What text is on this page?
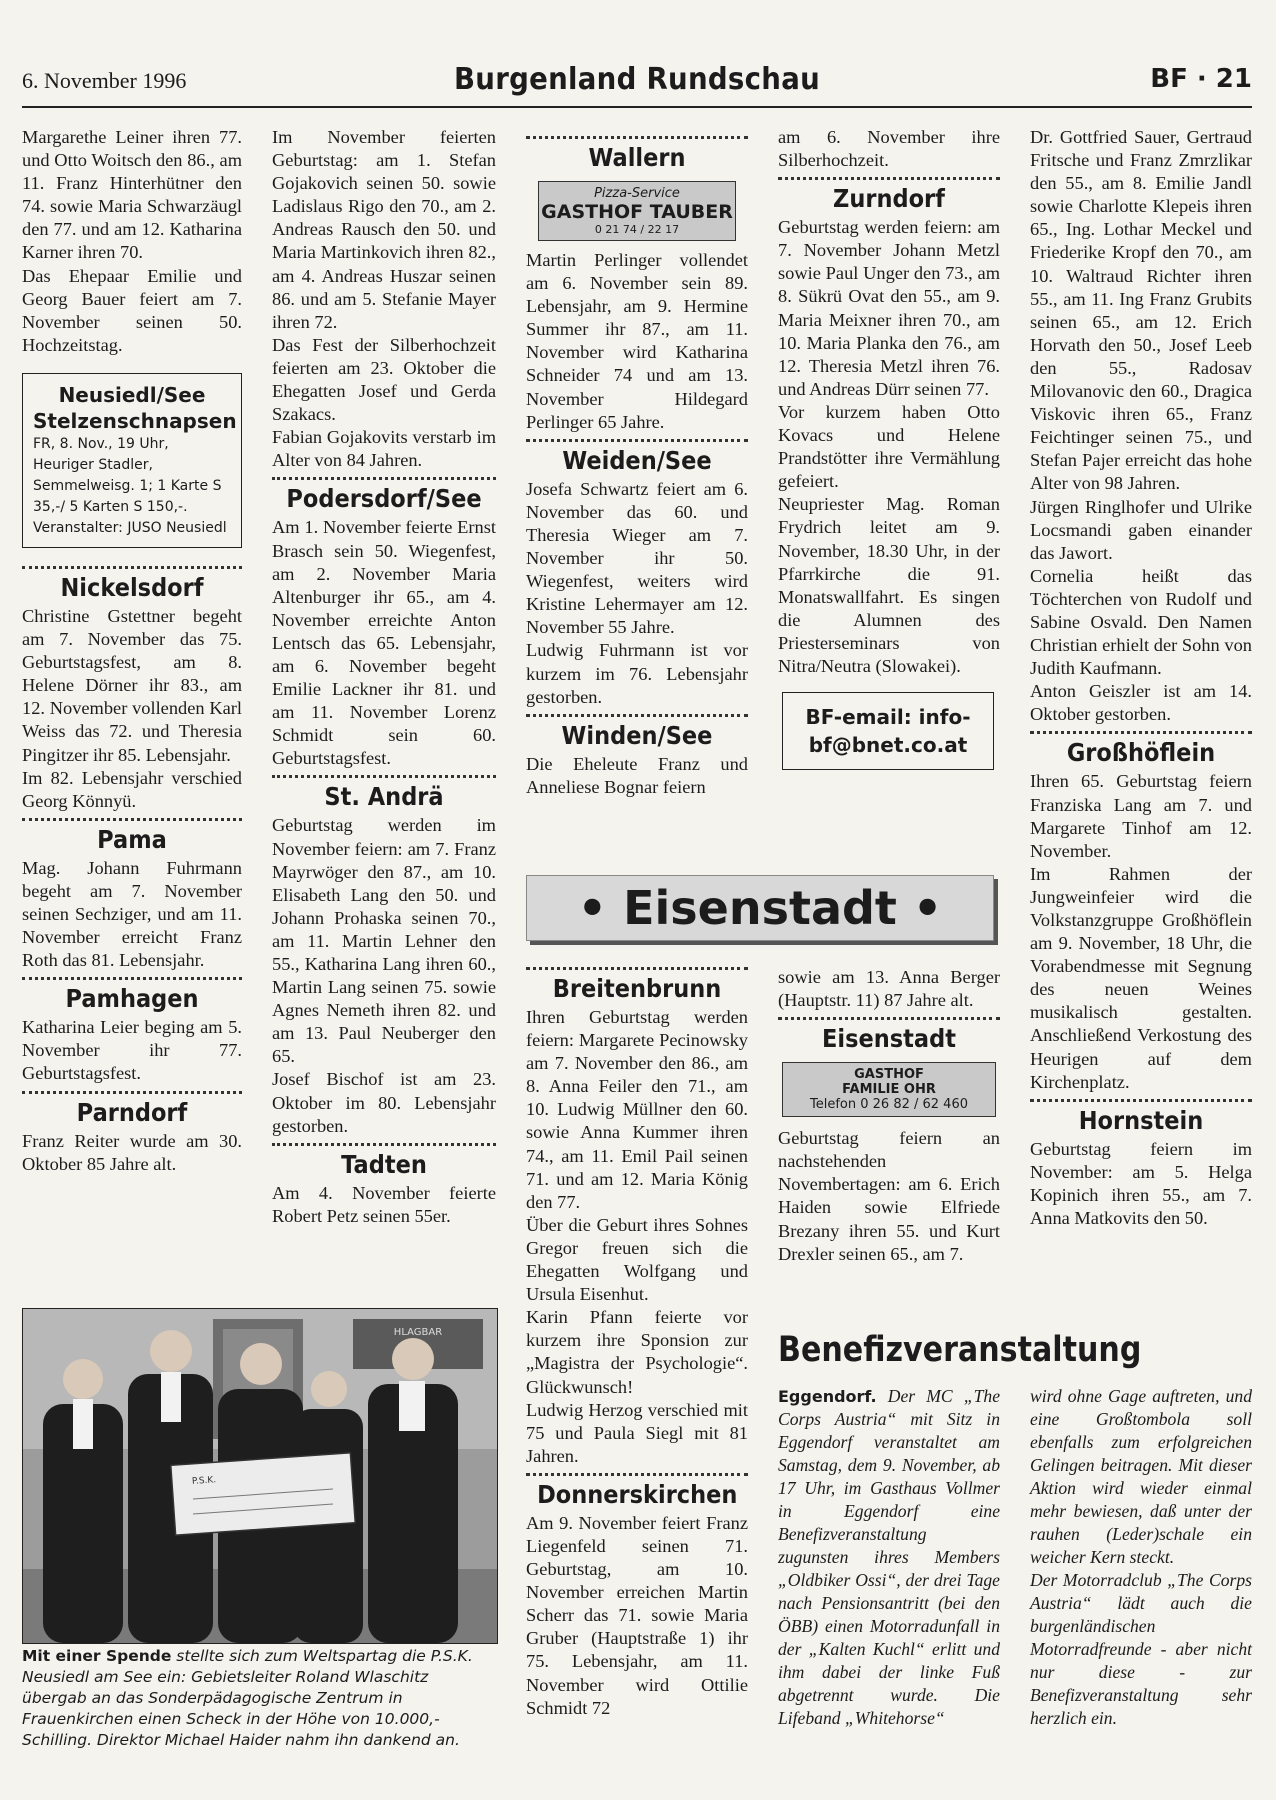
6. November 1996	Burgenland Rundschau	BF · 21

Margarethe Leiner ihren 77. und Otto Woitsch den 86., am 11. Franz Hinterhütner den 74. sowie Maria Schwarzäugl den 77. und am 12. Katharina Karner ihren 70.

Das Ehepaar Emilie und Georg Bauer feiert am 7. November seinen 50. Hochzeitstag.

Neusiedl/See
Stelzenschnapsen
FR, 8. Nov., 19 Uhr, Heuriger Stadler, Semmelweisg. 1; 1 Karte S 35,-/ 5 Karten S 150,-.
Veranstalter: JUSO Neusiedl
Nickelsdorf

Christine Gstettner begeht am 7. November das 75. Geburtstagsfest, am 8. Helene Dörner ihr 83., am 12. November vollenden Karl Weiss das 72. und Theresia Pingitzer ihr 85. Lebensjahr.

Im 82. Lebensjahr verschied Georg Könnyü.

Pama
Mag. Johann Fuhrmann begeht am 7. November seinen Sechziger, und am 11. November erreicht Franz Roth das 81. Lebensjahr.
Pamhagen
Katharina Leier beging am 5. November ihr 77. Geburtstagsfest.
Parndorf
Franz Reiter wurde am 30. Oktober 85 Jahre alt.

Im November feierten Geburtstag: am 1. Stefan Gojakovich seinen 50. sowie Ladislaus Rigo den 70., am 2. Andreas Rausch den 50. und Maria Martinkovich ihren 82., am 4. Andreas Huszar seinen 86. und am 5. Stefanie Mayer ihren 72.

Das Fest der Silberhochzeit feierten am 23. Oktober die Ehegatten Josef und Gerda Szakacs.

Fabian Gojakovits verstarb im Alter von 84 Jahren.

Podersdorf/See
Am 1. November feierte Ernst Brasch sein 50. Wiegenfest, am 2. November Maria Altenburger ihr 65., am 4. November erreichte Anton Lentsch das 65. Lebensjahr, am 6. November begeht Emilie Lackner ihr 81. und am 11. November Lorenz Schmidt sein 60. Geburtstagsfest.
St. Andrä

Geburtstag werden im November feiern: am 7. Franz Mayrwöger den 87., am 10. Elisabeth Lang den 50. und Johann Prohaska seinen 70., am 11. Martin Lehner den 55., Katharina Lang ihren 60., Martin Lang seinen 75. sowie Agnes Nemeth ihren 82. und am 13. Paul Neuberger den 65.

Josef Bischof ist am 23. Oktober im 80. Lebensjahr gestorben.

Tadten
Am 4. November feierte Robert Petz seinen 55er.
Wallern
Pizza-Service
GASTHOF TAUBER
0 21 74 / 22 17
Martin Perlinger vollendet am 6. November sein 89. Lebensjahr, am 9. Hermine Summer ihr 87., am 11. November wird Katharina Schneider 74 und am 13. November Hildegard Perlinger 65 Jahre.
Weiden/See

Josefa Schwartz feiert am 6. November das 60. und Theresia Wieger am 7. November ihr 50. Wiegenfest, weiters wird Kristine Lehermayer am 12. November 55 Jahre.

Ludwig Fuhrmann ist vor kurzem im 76. Lebensjahr gestorben.

Winden/See
Die Eheleute Franz und Anneliese Bognar feiern
am 6. November ihre Silberhochzeit.
Zurndorf

Geburtstag werden feiern: am 7. November Johann Metzl sowie Paul Unger den 73., am 8. Sükrü Ovat den 55., am 9. Maria Meixner ihren 70., am 10. Maria Planka den 76., am 12. Theresia Metzl ihren 76. und Andreas Dürr seinen 77.

Vor kurzem haben Otto Kovacs und Helene Prandstötter ihre Vermählung gefeiert.

Neupriester Mag. Roman Frydrich leitet am 9. November, 18.30 Uhr, in der Pfarrkirche die 91. Monatswallfahrt. Es singen die Alumnen des Priesterseminars von Nitra/Neutra (Slowakei).

BF-email: info-
bf@bnet.co.at

Dr. Gottfried Sauer, Gertraud Fritsche und Franz Zmrzlikar den 55., am 8. Emilie Jandl sowie Charlotte Klepeis ihren 65., Ing. Lothar Meckel und Friederike Kropf den 70., am 10. Waltraud Richter ihren 55., am 11. Ing Franz Grubits seinen 65., am 12. Erich Horvath den 50., Josef Leeb den 55., Radosav Milovanovic den 60., Dragica Viskovic ihren 65., Franz Feichtinger seinen 75., und Stefan Pajer erreicht das hohe Alter von 98 Jahren.

Jürgen Ringlhofer und Ulrike Locsmandi gaben einander das Jawort.

Cornelia heißt das Töchterchen von Rudolf und Sabine Osvald. Den Namen Christian erhielt der Sohn von Judith Kaufmann.

Anton Geiszler ist am 14. Oktober gestorben.

Großhöflein

Ihren 65. Geburtstag feiern Franziska Lang am 7. und Margarete Tinhof am 12. November.

Im Rahmen der Jungweinfeier wird die Volkstanzgruppe Großhöflein am 9. November, 18 Uhr, die Vorabendmesse mit Segnung des neuen Weines musikalisch gestalten. Anschließend Verkostung des Heurigen auf dem Kirchenplatz.

Hornstein
Geburtstag feiern im November: am 5. Helga Kopinich ihren 55., am 7. Anna Matkovits den 50.
• Eisenstadt •
Breitenbrunn

Ihren Geburtstag werden feiern: Margarete Pecinowsky am 7. November den 86., am 8. Anna Feiler den 71., am 10. Ludwig Müllner den 60. sowie Anna Kummer ihren 74., am 11. Emil Pail seinen 71. und am 12. Maria König den 77.

Über die Geburt ihres Sohnes Gregor freuen sich die Ehegatten Wolfgang und Ursula Eisenhut.

Karin Pfann feierte vor kurzem ihre Sponsion zur „Magistra der Psychologie“. Glückwunsch!

Ludwig Herzog verschied mit 75 und Paula Siegl mit 81 Jahren.

Donnerskirchen
Am 9. November feiert Franz Liegenfeld seinen 71. Geburtstag, am 10. November erreichen Martin Scherr das 71. sowie Maria Gruber (Hauptstraße 1) ihr 75. Lebensjahr, am 11. November wird Ottilie Schmidt 72
sowie am 13. Anna Berger (Hauptstr. 11) 87 Jahre alt.
Eisenstadt
GASTHOF
FAMILIE OHR
Telefon 0 26 82 / 62 460
Geburtstag feiern an nachstehenden Novembertagen: am 6. Erich Haiden sowie Elfriede Brezany ihren 55. und Kurt Drexler seinen 65., am 7.
HLAGBAR
P.S.K.
Mit einer Spende stellte sich zum Weltspartag die P.S.K. Neusiedl am See ein: Gebietsleiter Roland Wlaschitz übergab an das Sonderpädagogische Zentrum in Frauenkirchen einen Scheck in der Höhe von 10.000,- Schilling. Direktor Michael Haider nahm ihn dankend an.
Benefizveranstaltung

Eggendorf. Der MC „The Corps Austria“ mit Sitz in Eggendorf veranstaltet am Samstag, dem 9. November, ab 17 Uhr, im Gasthaus Vollmer in Eggendorf eine Benefizveranstaltung zugunsten ihres Members „Oldbiker Ossi“, der drei Tage nach Pensionsantritt (bei den ÖBB) einen Motorradunfall in der „Kalten Kuchl“ erlitt und ihm dabei der linke Fuß abgetrennt wurde. Die Lifeband „Whitehorse“

wird ohne Gage auftreten, und eine Großtombola soll ebenfalls zum erfolgreichen Gelingen beitragen. Mit dieser Aktion wird wieder einmal mehr bewiesen, daß unter der rauhen (Leder)schale ein weicher Kern steckt.

Der Motorradclub „The Corps Austria“ lädt auch die burgenländischen Motorradfreunde - aber nicht nur diese - zur Benefizveranstaltung sehr herzlich ein.
